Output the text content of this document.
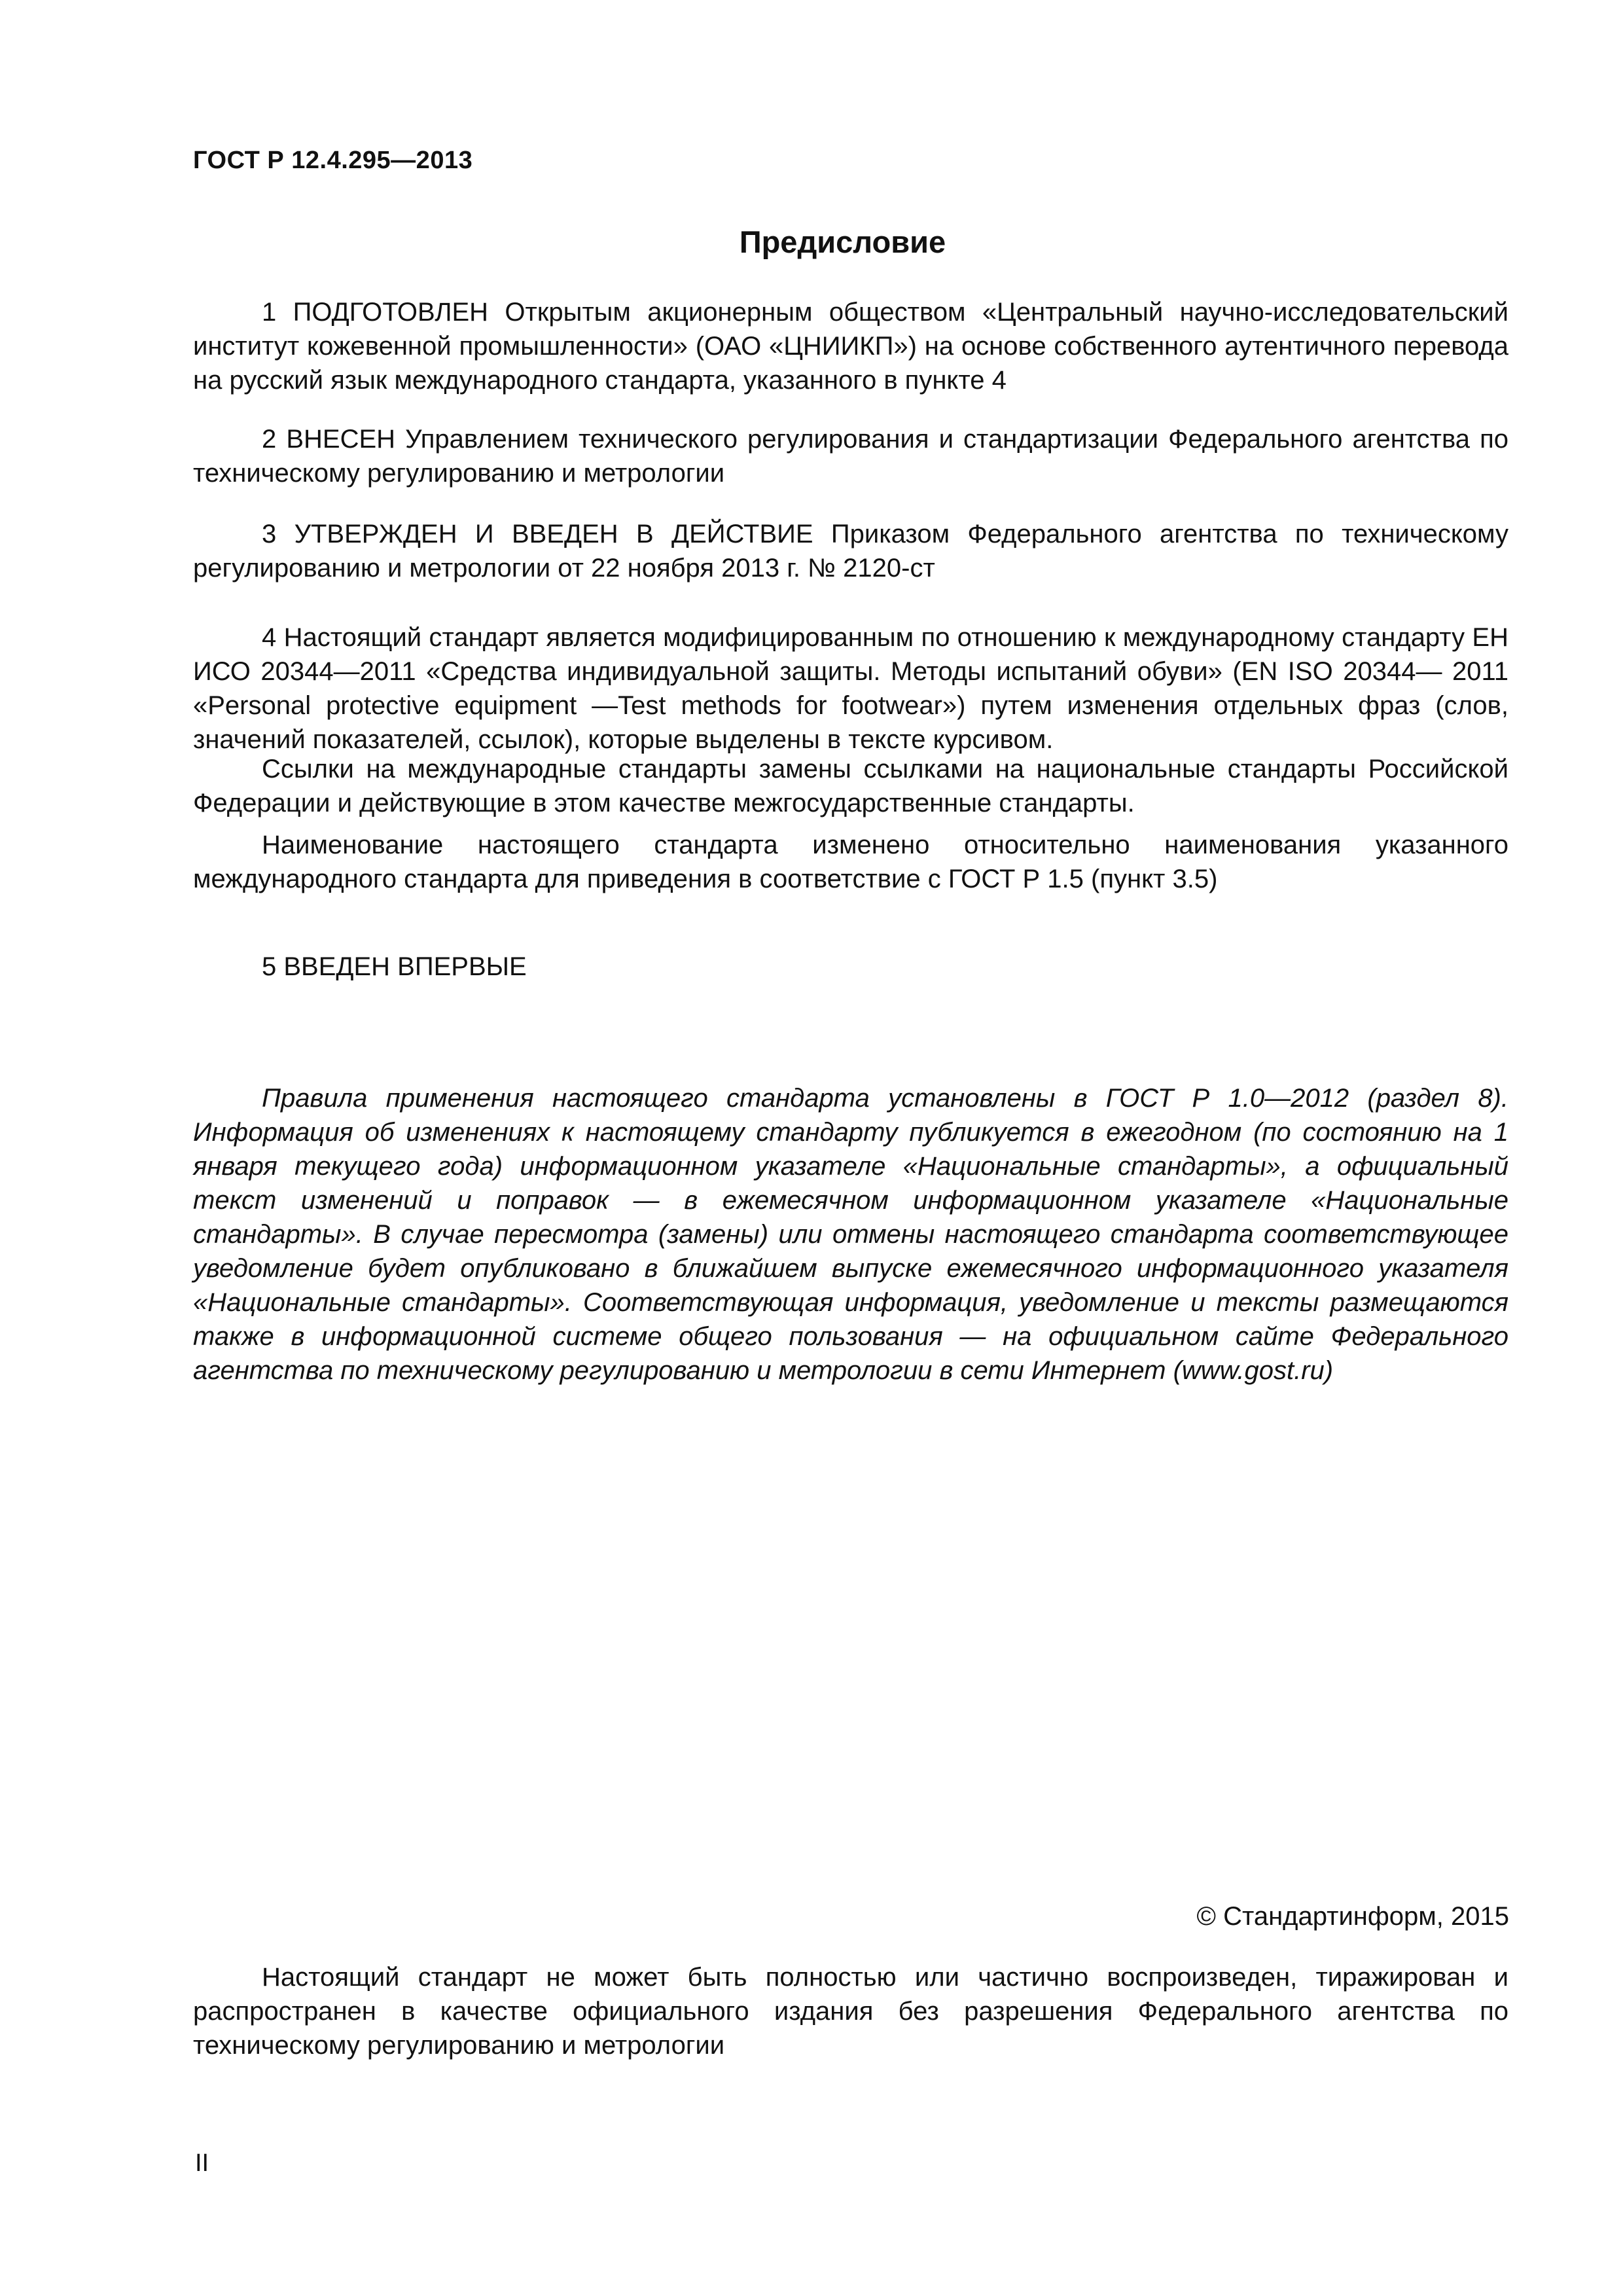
ГОСТ Р 12.4.295—2013
Предисловие

1 ПОДГОТОВЛЕН Открытым акционерным обществом «Центральный научно-исследовательский институт кожевенной промышленности» (ОАО «ЦНИИКП») на основе собственного аутентичного перевода на русский язык международного стандарта, указанного в пункте 4

2 ВНЕСЕН Управлением технического регулирования и стандартизации Федерального агентства по техническому регулированию и метрологии

3 УТВЕРЖДЕН И ВВЕДЕН В ДЕЙСТВИЕ Приказом Федерального агентства по техническому регулированию и метрологии от 22 ноября 2013 г. № 2120-ст

4 Настоящий стандарт является модифицированным по отношению к международному стандарту ЕН ИСО 20344—2011 «Средства индивидуальной защиты. Методы испытаний обуви» (EN ISO 20344— 2011 «Personal protective equipment —Test methods for footwear») путем изменения отдельных фраз (слов, значений показателей, ссылок), которые выделены в тексте курсивом.

Ссылки на международные стандарты замены ссылками на национальные стандарты Российской Федерации и действующие в этом качестве межгосударственные стандарты.

Наименование настоящего стандарта изменено относительно наименования указанного международного стандарта для приведения в соответствие с ГОСТ Р 1.5 (пункт 3.5)

5 ВВЕДЕН ВПЕРВЫЕ

Правила применения настоящего стандарта установлены в ГОСТ Р 1.0—2012 (раздел 8). Информация об изменениях к настоящему стандарту публикуется в ежегодном (по состоянию на 1 января текущего года) информационном указателе «Национальные стандарты», а официальный текст изменений и поправок — в ежемесячном информационном указателе «Национальные стандарты». В случае пересмотра (замены) или отмены настоящего стандарта соответствующее уведомление будет опубликовано в ближайшем выпуске ежемесячного информационного указателя «Национальные стандарты». Соответствующая информация, уведомление и тексты размещаются также в информационной системе общего пользования — на официальном сайте Федерального агентства по техническому регулированию и метрологии в сети Интернет (www.gost.ru)

© Стандартинформ, 2015

Настоящий стандарт не может быть полностью или частично воспроизведен, тиражирован и распространен в качестве официального издания без разрешения Федерального агентства по техническому регулированию и метрологии

II
